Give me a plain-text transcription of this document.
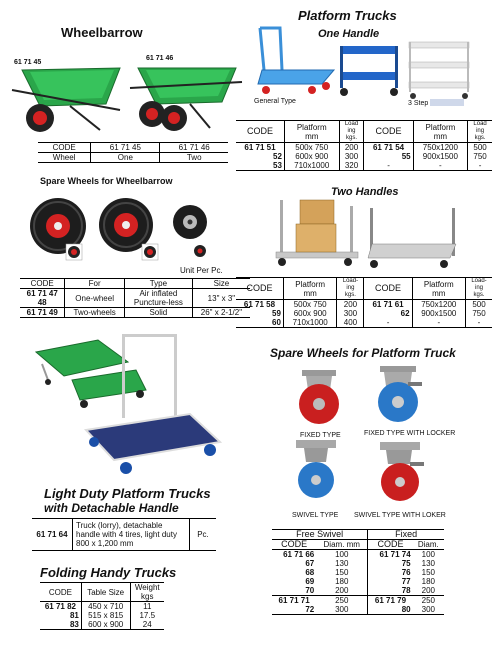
Wheelbarrow
61 71 45
61 71 46
CODE	61 71 45	61 71 46
Wheel	One	Two
Spare Wheels for Wheelbarrow
Unit Per Pc.
CODE	For	Type	Size
61 71 47
48	One-wheel	Air inflated
Puncture-less	13" x 3"
61 71 49	Two-wheels	Solid	26" x 2-1/2"
Platform Trucks
One Handle
General Type	3 Step
CODE	Platform
mm	Load
ing
kgs.	CODE	Platform
mm	Load
ing
kgs.
61 71 51	500x 750	200	61 71 54	750x1200	500
52	600x 900	300	55	900x1500	750
53	710x1000	320	-	-	-
Two Handles
CODE	Platform
mm	Load-
ing
kgs.	CODE	Platform
mm	Load-
ing
kgs.
61 71 58	500x 750	200	61 71 61	750x1200	500
59	600x 900	300	62	900x1500	750
60	710x1000	400	-	-	-
Spare Wheels for Platform Truck
FIXED TYPE	FIXED TYPE WITH LOCKER
SWIVEL TYPE SWIVEL TYPE WITH LOKER
Free Swivel		Fixed	
CODE	Diam. mm	CODE	Diam.
61 71 66	100	61 71 74	100
67	130	75	130
68	150	76	150
69	180	77	180
70	200	78	200
61 71 71	250	61 71 79	250
72	300	80	300
Light Duty Platform Trucks
with Detachable Handle
61 71 64	Truck (lorry), detachable
handle with 4 tires, light duty
800 x 1,200 mm	Pc.
Folding Handy Trucks
CODE	Table Size	Weight
kgs
61 71 82	450 x 710	11
81	515 x 815	17.5
83	600 x 900	24
